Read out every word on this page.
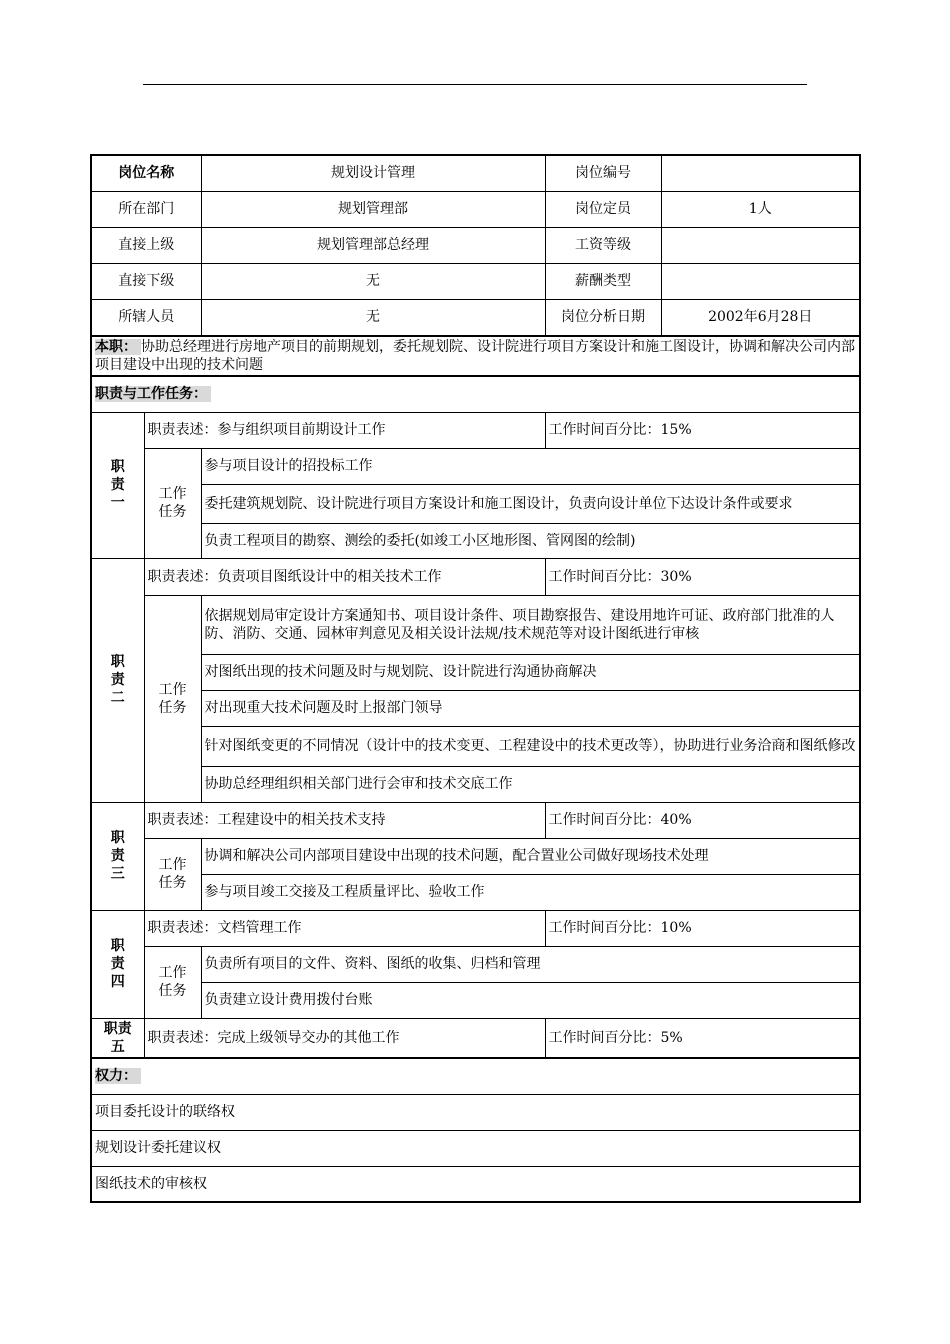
岗位名称		规划设计管理	岗位编号	
所在部门		规划管理部	岗位定员	1人
直接上级		规划管理部总经理	工资等级	
直接下级		无	薪酬类型	
所辖人员		无	岗位分析日期	2002年6月28日
本职： 协助总经理进行房地产项目的前期规划，委托规划院、设计院进行项目方案设计和施工图设计，协调和解决公司内部项目建设中出现的技术问题				
职责与工作任务：				

职责一	职责表述：参与组织项目前期设计工作		工作时间百分比：15%	

	工作任务	参与项目设计的招投标工作		
		委托建筑规划院、设计院进行项目方案设计和施工图设计，负责向设计单位下达设计条件或要求		
		负责工程项目的勘察、测绘的委托(如竣工小区地形图、管网图的绘制)		

职责二	职责表述：负责项目图纸设计中的相关技术工作		工作时间百分比：30%	

	工作任务	依据规划局审定设计方案通知书、项目设计条件、项目勘察报告、建设用地许可证、政府部门批准的人防、消防、交通、园林审判意见及相关设计法规/技术规范等对设计图纸进行审核		
		对图纸出现的技术问题及时与规划院、设计院进行沟通协商解决		
		对出现重大技术问题及时上报部门领导		
		针对图纸变更的不同情况（设计中的技术变更、工程建设中的技术更改等），协助进行业务洽商和图纸修改		
		协助总经理组织相关部门进行会审和技术交底工作		

职责三	职责表述：工程建设中的相关技术支持		工作时间百分比：40%	

	工作任务	协调和解决公司内部项目建设中出现的技术问题，配合置业公司做好现场技术处理		
		参与项目竣工交接及工程质量评比、验收工作		

职责四	职责表述：文档管理工作		工作时间百分比：10%	

	工作任务	负责所有项目的文件、资料、图纸的收集、归档和管理		
		负责建立设计费用拨付台账		

职责五	职责表述：完成上级领导交办的其他工作		工作时间百分比：5%	
权力：				
项目委托设计的联络权				
规划设计委托建议权				
图纸技术的审核权				
